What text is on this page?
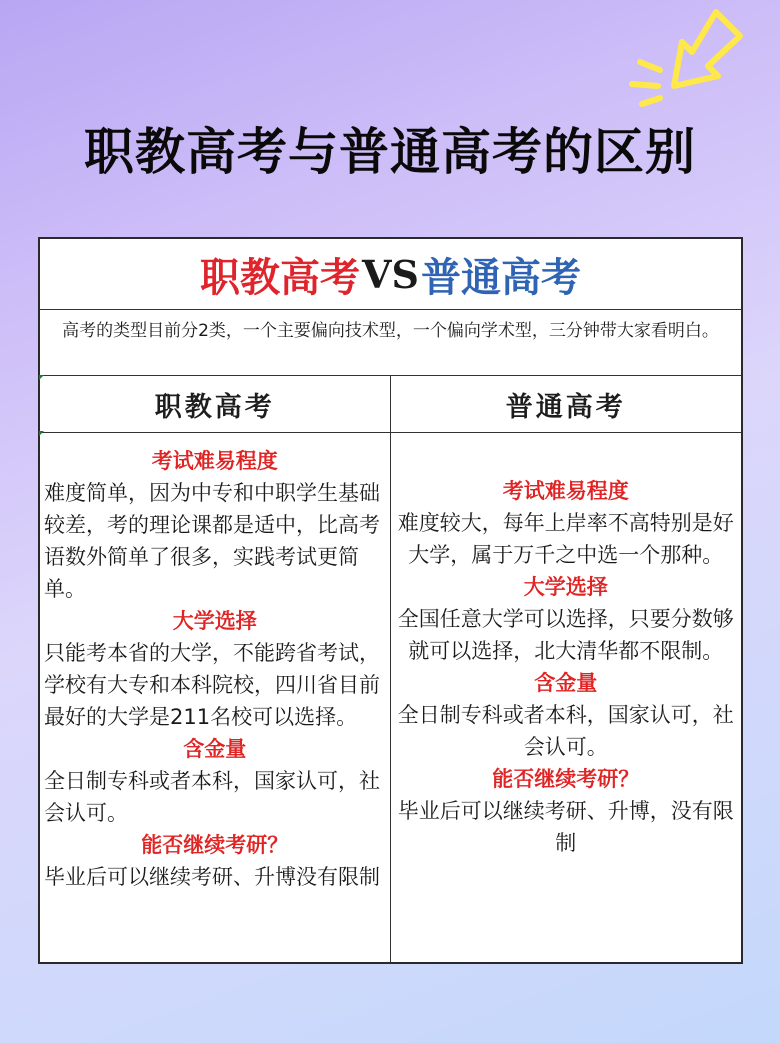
职教高考与普通高考的区别
职教高考 VS 普通高考
高考的类型目前分2类，一个主要偏向技术型，一个偏向学术型，三分钟带大家看明白。
职教高考
考试难易程度
难度简单，因为中专和中职学生基础较差，考的理论课都是适中，比高考语数外简单了很多，实践考试更简单。
大学选择
只能考本省的大学，不能跨省考试，学校有大专和本科院校，四川省目前最好的大学是211名校可以选择。
含金量
全日制专科或者本科，国家认可，社会认可。
能否继续考研？
毕业后可以继续考研、升博没有限制
普通高考
考试难易程度
难度较大，每年上岸率不高特别是好大学，属于万千之中选一个那种。
大学选择
全国任意大学可以选择，只要分数够就可以选择，北大清华都不限制。
含金量
全日制专科或者本科，国家认可，社会认可。
能否继续考研？
毕业后可以继续考研、升博，没有限制
